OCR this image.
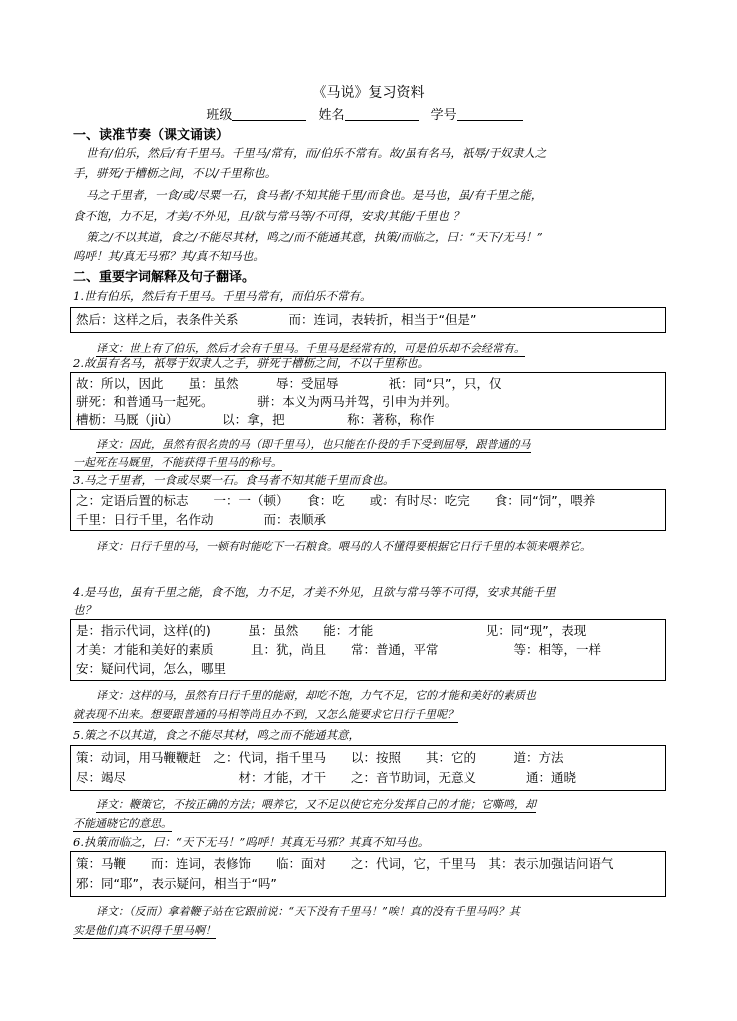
《马说》复习资料
班级	姓名	学号
一、读准节奏（课文诵读）
世有/伯乐，然后/有千里马。千里马/常有，而/伯乐不常有。故/虽有名马，祇辱/于奴隶人之
手，骈死/于槽枥之间，不以/千里称也。
马之千里者，一食/或/尽粟一石，食马者/不知其能千里/而食也。是马也，虽/有千里之能，
食不饱，力不足，才美/不外见，且/欲与常马等/不可得，安求/其能/千里也 ？
策之/不以其道，食之/不能尽其材，鸣之/而不能通其意，执策/而临之，曰：“天下/无马！”
呜呼！其/真无马邪？其/真不知马也。
二、重要字词解释及句子翻译。
1.世有伯乐，然后有千里马。千里马常有，而伯乐不常有。
然后：这样之后，表条件关系　　　　而：连词，表转折，相当于“但是”
译文：世上有了伯乐，然后才会有千里马。千里马是经常有的，可是伯乐却不会经常有。
2.故虽有名马，祇辱于奴隶人之手，骈死于槽枥之间，不以千里称也。
故：所以，因此　　虽：虽然　　　辱：受屈辱　　　　祇：同“只”，只，仅
骈死：和普通马一起死。　　　　骈：本义为两马并驾，引申为并列。
槽枥：马厩（jiù）　　　　以：拿，把　　　　　称：著称，称作
译文：因此，虽然有很名贵的马（即千里马），也只能在仆役的手下受到屈辱，跟普通的马
一起死在马厩里，不能获得千里马的称号。
3.马之千里者，一食或尽粟一石。食马者不知其能千里而食也。
之：定语后置的标志　　一：一（顿）　　食：吃　　或：有时尽：吃完　　食：同“饲”，喂养
千里：日行千里，名作动　　　　而：表顺承
译文：日行千里的马，一顿有时能吃下一石粮食。喂马的人不懂得要根据它日行千里的本领来喂养它。
4.是马也，虽有千里之能，食不饱，力不足，才美不外见，且欲与常马等不可得，安求其能千里
也？
是：指示代词，这样(的)　　　虽：虽然　　能：才能　　　　　　　　　见：同“现”，表现
才美：才能和美好的素质　　　且：犹，尚且　　常：普通，平常　　　　　　等：相等，一样
安：疑问代词，怎么，哪里
译文：这样的马，虽然有日行千里的能耐，却吃不饱，力气不足，它的才能和美好的素质也
就表现不出来。想要跟普通的马相等尚且办不到，又怎么能要求它日行千里呢？
5.策之不以其道，食之不能尽其材，鸣之而不能通其意，
策：动词，用马鞭鞭赶　之：代词，指千里马　　以：按照　　其：它的　　　道：方法
尽：竭尽　　　　　　　　　材：才能，才干　　之：音节助词，无意义　　　　通：通晓
译文：鞭策它，不按正确的方法；喂养它，又不足以使它充分发挥自己的才能；它嘶鸣，却
不能通晓它的意思。
6.执策而临之，曰：“天下无马！”呜呼！其真无马邪？其真不知马也。
策：马鞭　　而：连词，表修饰　　临：面对　　之：代词，它，千里马　其：表示加强诘问语气
邪：同“耶”，表示疑问，相当于“吗”
译文：（反而）拿着鞭子站在它跟前说：“天下没有千里马！”唉！真的没有千里马吗？其
实是他们真不识得千里马啊！
